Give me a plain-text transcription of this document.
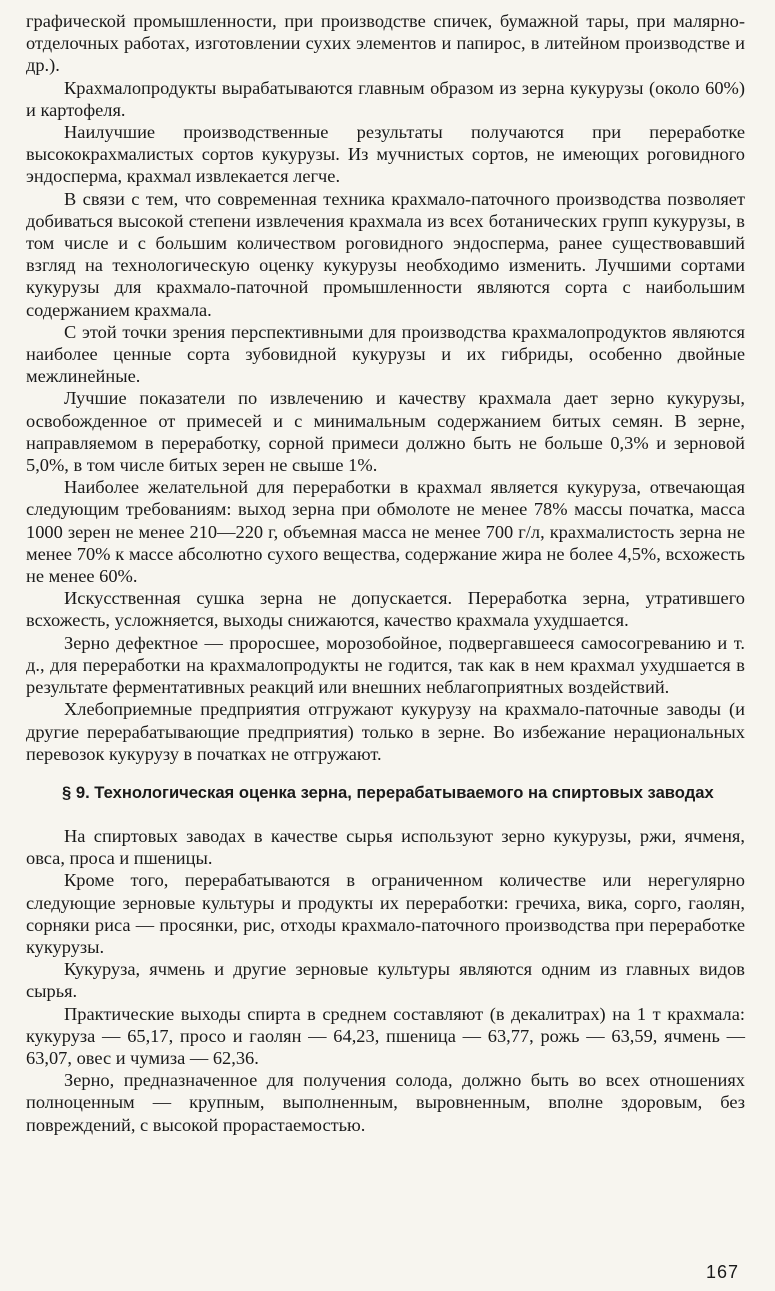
графической промышленности, при производстве спичек, бумажной тары, при малярно-отделочных работах, изготовлении сухих элементов и папирос, в литейном производстве и др.).

Крахмалопродукты вырабатываются главным образом из зерна кукурузы (около 60%) и картофеля.

Наилучшие производственные результаты получаются при переработке высококрахмалистых сортов кукурузы. Из мучнистых сортов, не имеющих роговидного эндосперма, крахмал извлекается легче.

В связи с тем, что современная техника крахмало-паточного производства позволяет добиваться высокой степени извлечения крахмала из всех ботанических групп кукурузы, в том числе и с большим количеством роговидного эндосперма, ранее существовавший взгляд на технологическую оценку кукурузы необходимо изменить. Лучшими сортами кукурузы для крахмало-паточной промышленности являются сорта с наибольшим содержанием крахмала.

С этой точки зрения перспективными для производства крахмалопродуктов являются наиболее ценные сорта зубовидной кукурузы и их гибриды, особенно двойные межлинейные.

Лучшие показатели по извлечению и качеству крахмала дает зерно кукурузы, освобожденное от примесей и с минимальным содержанием битых семян. В зерне, направляемом в переработку, сорной примеси должно быть не больше 0,3% и зерновой 5,0%, в том числе битых зерен не свыше 1%.

Наиболее желательной для переработки в крахмал является кукуруза, отвечающая следующим требованиям: выход зерна при обмолоте не менее 78% массы початка, масса 1000 зерен не менее 210—220 г, объемная масса не менее 700 г/л, крахмалистость зерна не менее 70% к массе абсолютно сухого вещества, содержание жира не более 4,5%, всхожесть не менее 60%.

Искусственная сушка зерна не допускается. Переработка зерна, утратившего всхожесть, усложняется, выходы снижаются, качество крахмала ухудшается.

Зерно дефектное — проросшее, морозобойное, подвергавшееся самосогреванию и т. д., для переработки на крахмалопродукты не годится, так как в нем крахмал ухудшается в результате ферментативных реакций или внешних неблагоприятных воздействий.

Хлебоприемные предприятия отгружают кукурузу на крахмало-паточные заводы (и другие перерабатывающие предприятия) только в зерне. Во избежание нерациональных перевозок кукурузу в початках не отгружают.

§ 9. Технологическая оценка зерна, перерабатываемого на спиртовых заводах

На спиртовых заводах в качестве сырья используют зерно кукурузы, ржи, ячменя, овса, проса и пшеницы.

Кроме того, перерабатываются в ограниченном количестве или нерегулярно следующие зерновые культуры и продукты их переработки: гречиха, вика, сорго, гаолян, сорняки риса — просянки, рис, отходы крахмало-паточного производства при переработке кукурузы.

Кукуруза, ячмень и другие зерновые культуры являются одним из главных видов сырья.

Практические выходы спирта в среднем составляют (в декалитрах) на 1 т крахмала: кукуруза — 65,17, просо и гаолян — 64,23, пшеница — 63,77, рожь — 63,59, ячмень — 63,07, овес и чумиза — 62,36.

Зерно, предназначенное для получения солода, должно быть во всех отношениях полноценным — крупным, выполненным, выровненным, вполне здоровым, без повреждений, с высокой прорастаемостью.

167
